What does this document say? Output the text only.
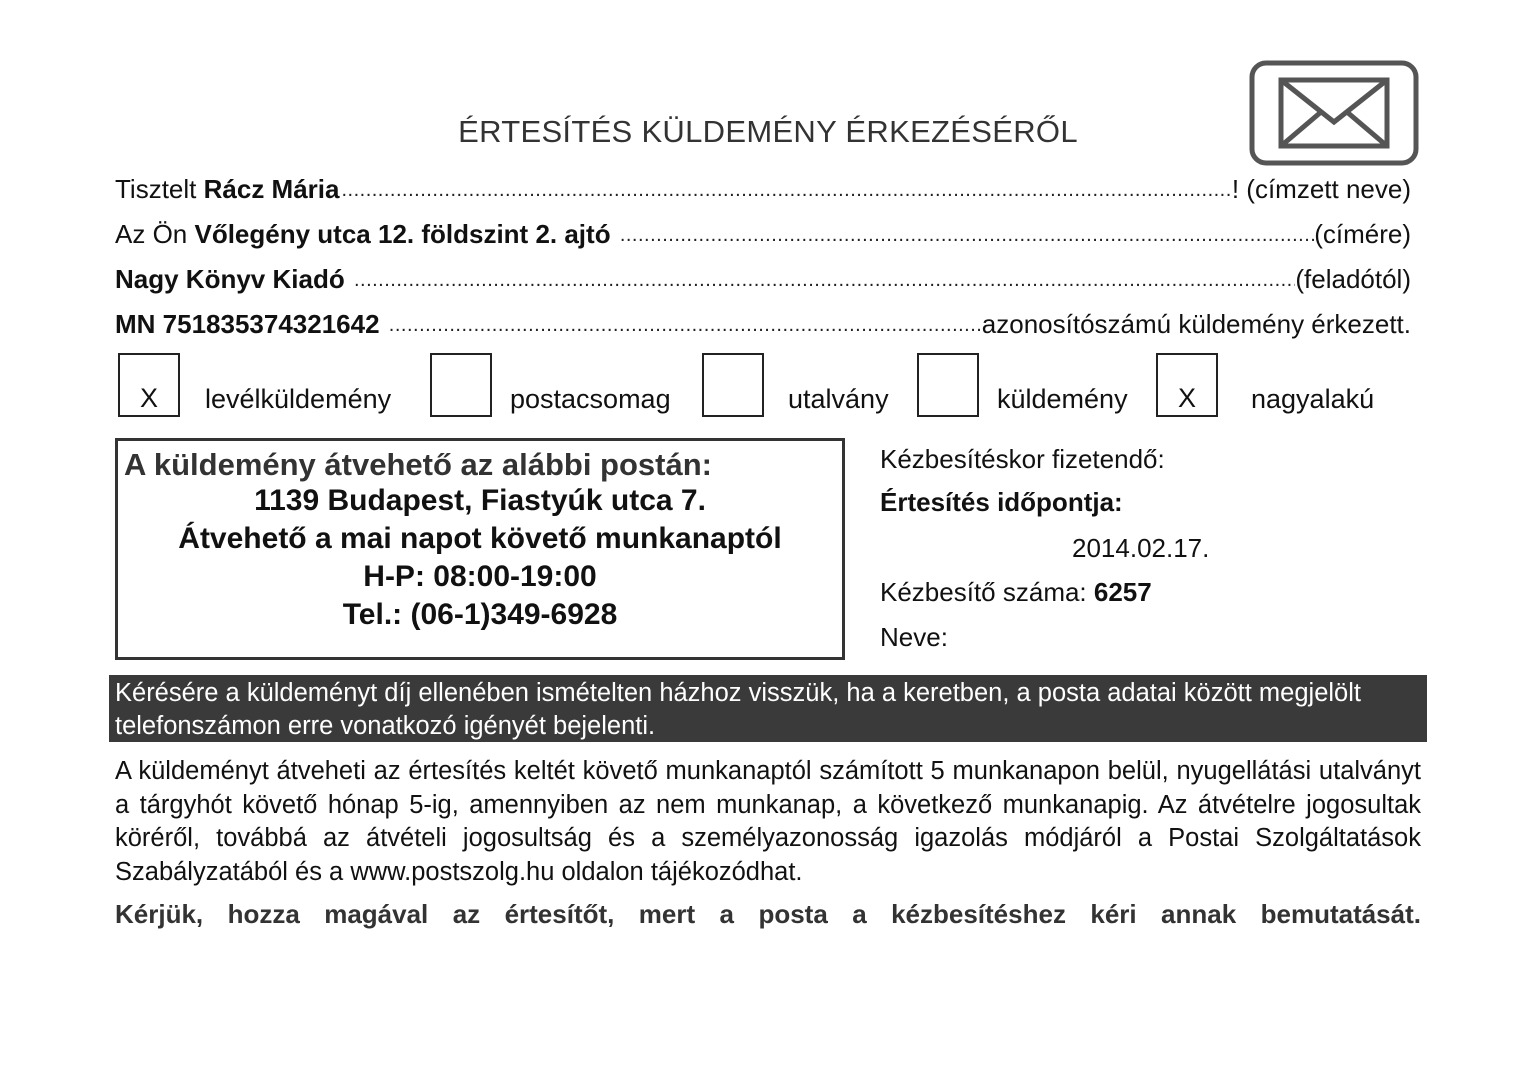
ÉRTESÍTÉS KÜLDEMÉNY ÉRKEZÉSÉRŐL
Tisztelt
Rácz Mária .....	! (címzett neve)
Az Ön
Vőlegény utca 12. földszint 2. ajtó
.....	(címére)
Nagy Könyv Kiadó
.....	(feladótól)
MN 751835374321642
.....	azonosítószámú küldemény érkezett.
X	levélküldemény	postacsomag	utalvány	küldemény	X	nagyalakú
A küldemény átvehető az alábbi postán:
1139 Budapest, Fiastyúk utca 7.
Átvehető a mai napot követő munkanaptól
H-P: 08:00-19:00
Tel.: (06-1)349-6928
Kézbesítéskor fizetendő:
Értesítés időpontja:
2014.02.17.
Kézbesítő száma: 6257
Neve:
Kérésére a küldeményt díj ellenében ismételten házhoz visszük, ha a keretben, a posta adatai között megjelölt telefonszámon erre vonatkozó igényét bejelenti.
A küldeményt átveheti az értesítés keltét követő munkanaptól számított 5 munkanapon belül, nyugellátási utalványt a tárgyhót követő hónap 5-ig, amennyiben az nem munkanap, a következő munkanapig. Az átvételre jogosultak köréről, továbbá az átvételi jogosultság és a személyazonosság igazolás módjáról a Postai Szolgáltatások Szabályzatából és a www.postszolg.hu oldalon tájékozódhat.
Kérjük, hozza magával az értesítőt, mert a posta a kézbesítéshez kéri annak bemutatását.
